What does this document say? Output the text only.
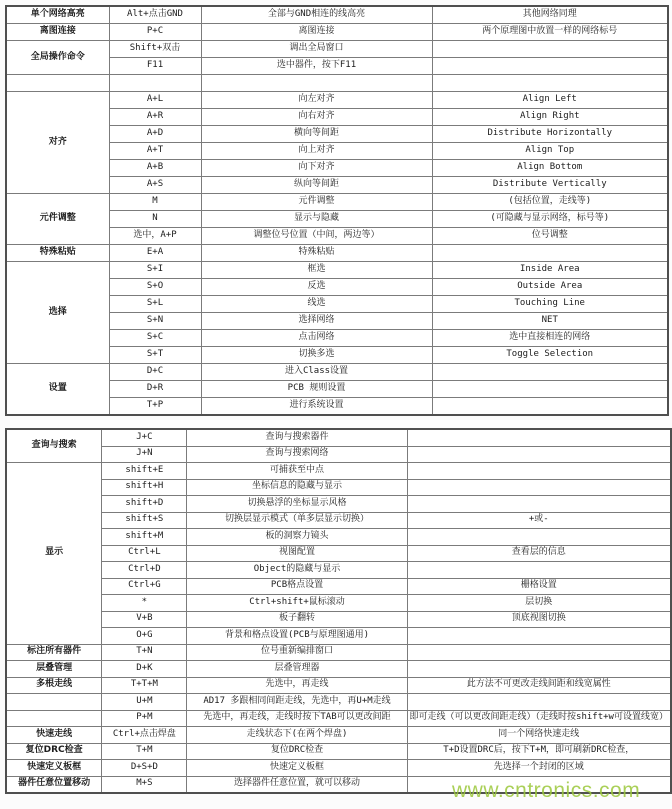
单个网络高亮	Alt+点击GND	全部与GND相连的线高亮	其他网络同理
离图连接	P+C	离图连接	两个原理图中放置一样的网络标号
全局操作命令	Shift+双击	调出全局窗口	
	F11	选中器件，按下F11	

对齐	A+L	向左对齐	Align Left
	A+R	向右对齐	Align Right
	A+D	横向等间距	Distribute Horizontally
	A+T	向上对齐	Align Top
	A+B	向下对齐	Align Bottom
	A+S	纵向等间距	Distribute Vertically
元件调整	M	元件调整	(包括位置，走线等)
	N	显示与隐藏	(可隐藏与显示网络，标号等)
	选中，A+P	调整位号位置（中间，两边等）	位号调整
特殊粘贴	E+A	特殊粘贴	
选择	S+I	框选	Inside Area
	S+O	反选	Outside Area
	S+L	线选	Touching Line
	S+N	选择网络	NET
	S+C	点击网络	选中直接相连的网络
	S+T	切换多选	Toggle Selection
设置	D+C	进入Class设置	
	D+R	PCB 规则设置	
	T+P	进行系统设置	
查询与搜索	J+C	查询与搜索器件	
	J+N	查询与搜索网络	
显示	shift+E	可捕获至中点	
	shift+H	坐标信息的隐藏与显示	
	shift+D	切换悬浮的坐标显示风格	
	shift+S	切换层显示模式（单多层显示切换）	+或-
	shift+M	板的洞察力镜头	
	Ctrl+L	视图配置	查看层的信息
	Ctrl+D	Object的隐藏与显示	
	Ctrl+G	PCB格点设置	栅格设置
	*	Ctrl+shift+鼠标滚动	层切换
	V+B	板子翻转	顶底视图切换
	O+G	背景和格点设置(PCB与原理图通用)	
标注所有器件	T+N	位号重新编排窗口	
层叠管理	D+K	层叠管理器	
多根走线	T+T+M	先选中，再走线	此方法不可更改走线间距和线宽属性
	U+M	AD17 多跟相同间距走线，先选中，再U+M走线	
	P+M	先选中，再走线，走线时按下TAB可以更改间距	即可走线（可以更改间距走线）（走线时按shift+w可设置线宽）
快速走线	Ctrl+点击焊盘	走线状态下(在两个焊盘)	同一个网络快速走线
复位DRC检查	T+M	复位DRC检查	T+D设置DRC后，按下T+M，即可刷新DRC检查，
快速定义板框	D+S+D	快速定义板框	先选择一个封闭的区域
器件任意位置移动	M+S	选择器件任意位置，就可以移动		www.cntronics.com
